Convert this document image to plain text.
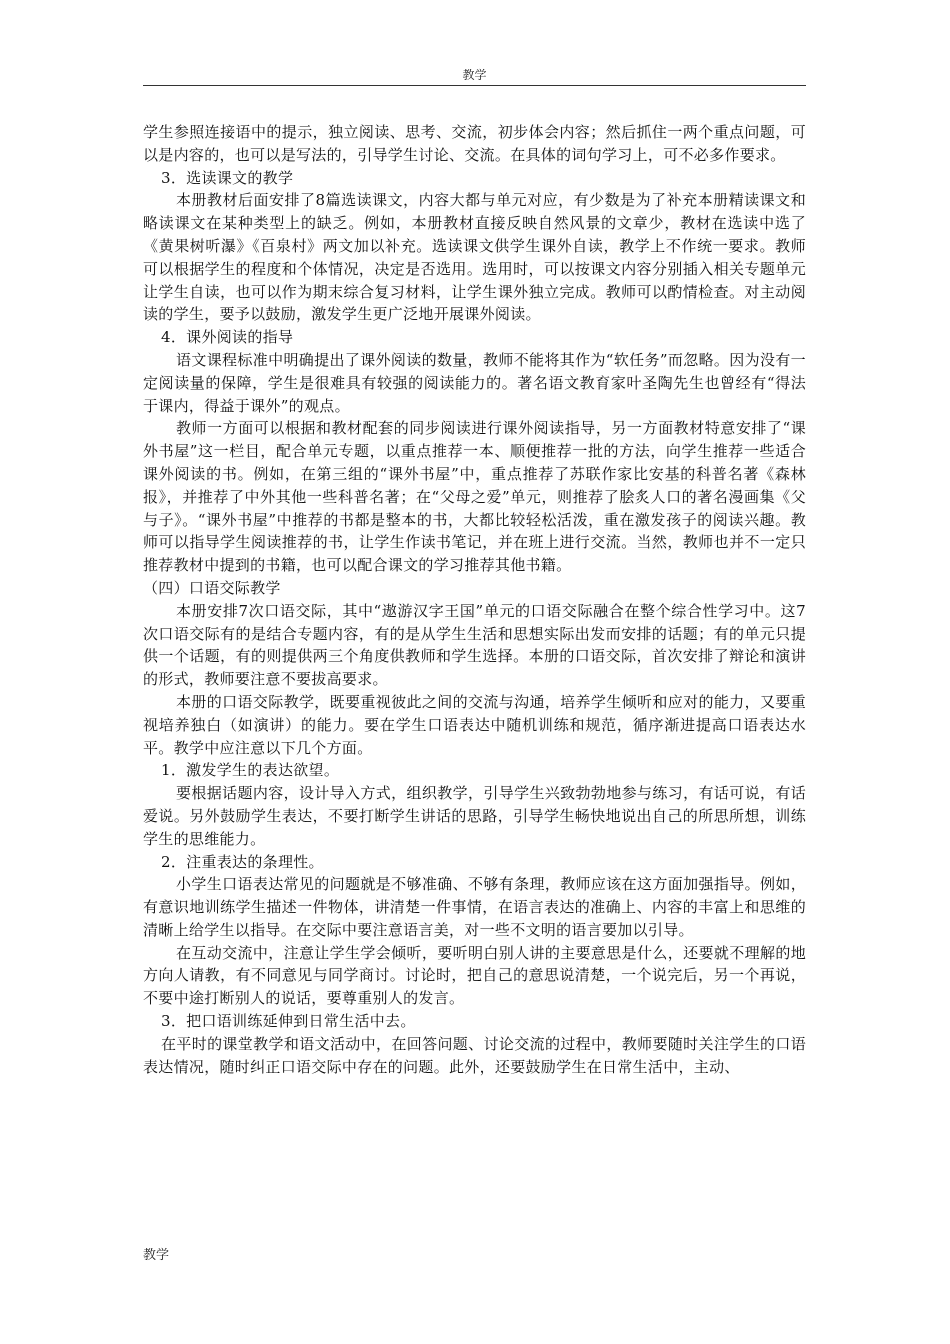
教学

学生参照连接语中的提示，独立阅读、思考、交流，初步体会内容；然后抓住一两个重点问题，可以是内容的，也可以是写法的，引导学生讨论、交流。在具体的词句学习上，可不必多作要求。

3．选读课文的教学

本册教材后面安排了8篇选读课文，内容大都与单元对应，有少数是为了补充本册精读课文和略读课文在某种类型上的缺乏。例如，本册教材直接反映自然风景的文章少，教材在选读中选了《黄果树听瀑》《百泉村》两文加以补充。选读课文供学生课外自读，教学上不作统一要求。教师可以根据学生的程度和个体情况，决定是否选用。选用时，可以按课文内容分别插入相关专题单元让学生自读，也可以作为期末综合复习材料，让学生课外独立完成。教师可以酌情检查。对主动阅读的学生，要予以鼓励，激发学生更广泛地开展课外阅读。

4．课外阅读的指导

语文课程标准中明确提出了课外阅读的数量，教师不能将其作为“软任务”而忽略。因为没有一定阅读量的保障，学生是很难具有较强的阅读能力的。著名语文教育家叶圣陶先生也曾经有“得法于课内，得益于课外”的观点。

教师一方面可以根据和教材配套的同步阅读进行课外阅读指导，另一方面教材特意安排了“课外书屋”这一栏目，配合单元专题，以重点推荐一本、顺便推荐一批的方法，向学生推荐一些适合课外阅读的书。例如，在第三组的“课外书屋”中，重点推荐了苏联作家比安基的科普名著《森林报》，并推荐了中外其他一些科普名著；在“父母之爱”单元，则推荐了脍炙人口的著名漫画集《父与子》。“课外书屋”中推荐的书都是整本的书，大都比较轻松活泼，重在激发孩子的阅读兴趣。教师可以指导学生阅读推荐的书，让学生作读书笔记，并在班上进行交流。当然，教师也并不一定只推荐教材中提到的书籍，也可以配合课文的学习推荐其他书籍。

（四）口语交际教学

本册安排7次口语交际，其中“遨游汉字王国”单元的口语交际融合在整个综合性学习中。这7次口语交际有的是结合专题内容，有的是从学生生活和思想实际出发而安排的话题；有的单元只提供一个话题，有的则提供两三个角度供教师和学生选择。本册的口语交际，首次安排了辩论和演讲的形式，教师要注意不要拔高要求。

本册的口语交际教学，既要重视彼此之间的交流与沟通，培养学生倾听和应对的能力，又要重视培养独白（如演讲）的能力。要在学生口语表达中随机训练和规范，循序渐进提高口语表达水平。教学中应注意以下几个方面。

1．激发学生的表达欲望。

要根据话题内容，设计导入方式，组织教学，引导学生兴致勃勃地参与练习，有话可说，有话爱说。另外鼓励学生表达，不要打断学生讲话的思路，引导学生畅快地说出自己的所思所想，训练学生的思维能力。

2．注重表达的条理性。

小学生口语表达常见的问题就是不够准确、不够有条理，教师应该在这方面加强指导。例如，有意识地训练学生描述一件物体，讲清楚一件事情，在语言表达的准确上、内容的丰富上和思维的清晰上给学生以指导。在交际中要注意语言美，对一些不文明的语言要加以引导。

在互动交流中，注意让学生学会倾听，要听明白别人讲的主要意思是什么，还要就不理解的地方向人请教，有不同意见与同学商讨。讨论时，把自己的意思说清楚，一个说完后，另一个再说，不要中途打断别人的说话，要尊重别人的发言。

3．把口语训练延伸到日常生活中去。

在平时的课堂教学和语文活动中，在回答问题、讨论交流的过程中，教师要随时关注学生的口语表达情况，随时纠正口语交际中存在的问题。此外，还要鼓励学生在日常生活中，主动、

教学
